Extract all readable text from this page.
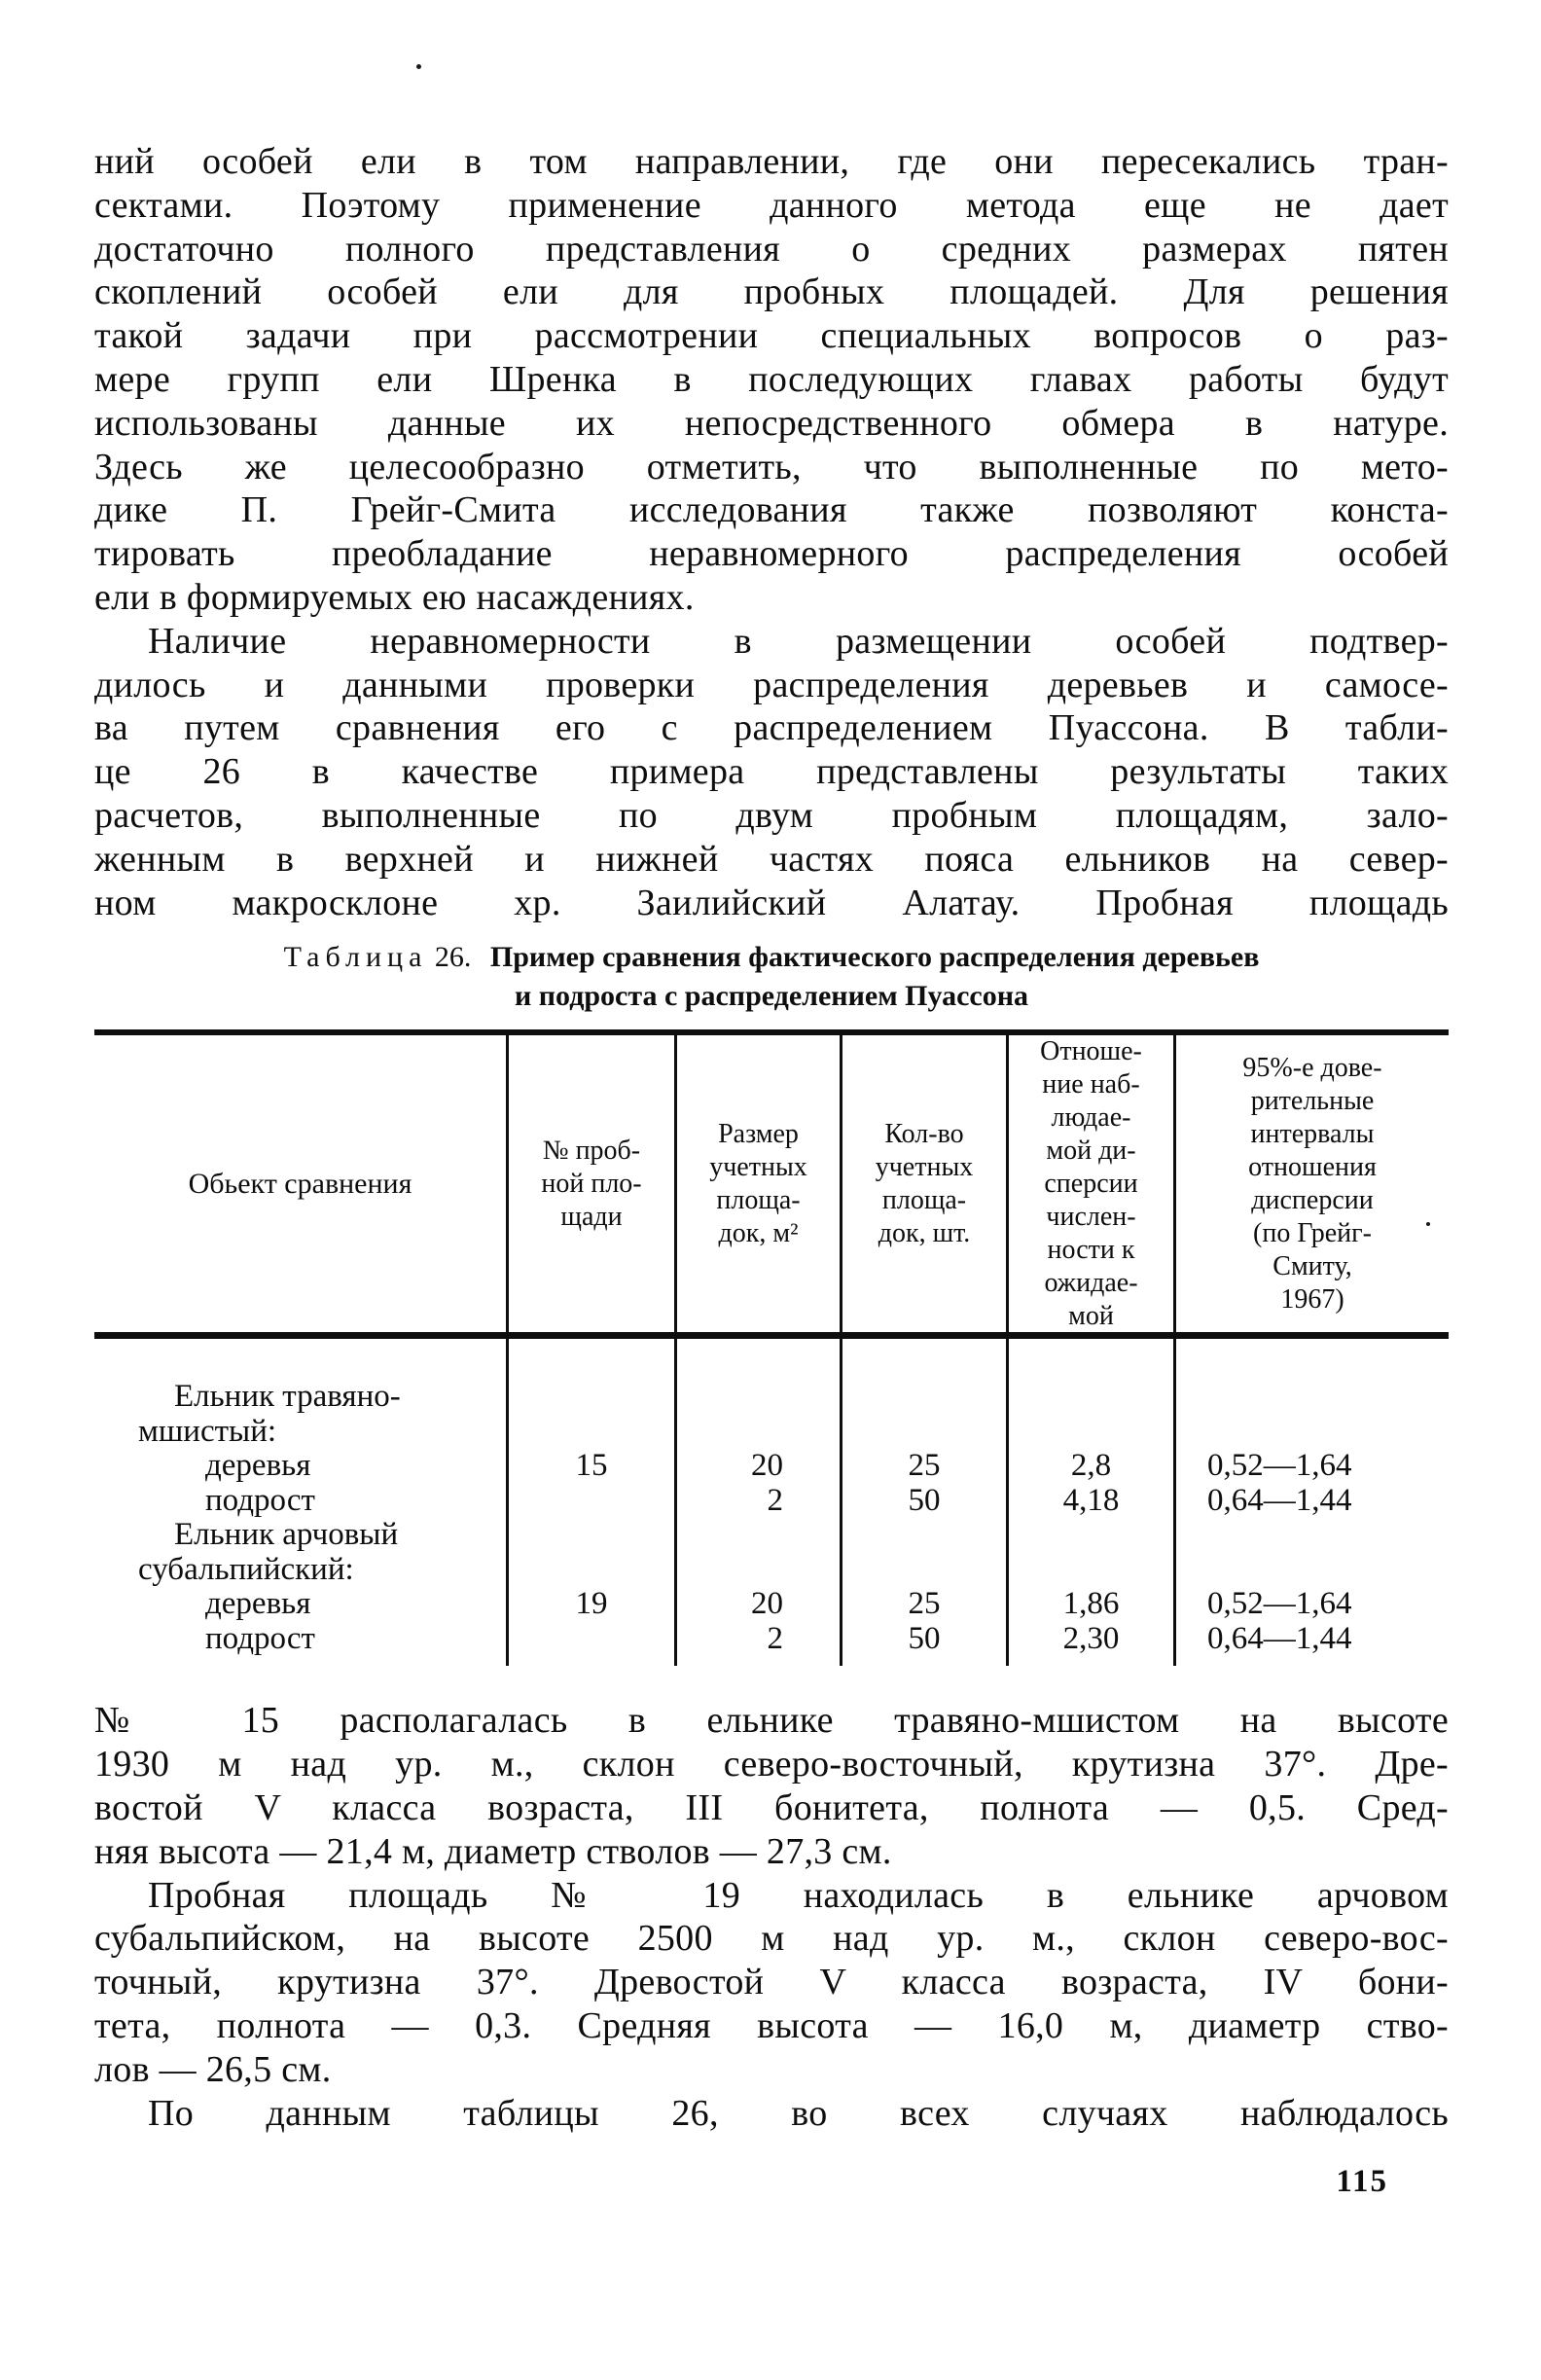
ний особей ели в том направлении, где они пересекались тран-
сектами. Поэтому применение данного метода еще не дает
достаточно полного представления о средних размерах пятен
скоплений особей ели для пробных площадей. Для решения
такой задачи при рассмотрении специальных вопросов о раз-
мере групп ели Шренка в последующих главах работы будут
использованы данные их непосредственного обмера в натуре.
Здесь же целесообразно отметить, что выполненные по мето-
дике П. Грейг-Смита исследования также позволяют конста-
тировать преобладание неравномерного распределения особей
ели в формируемых ею насаждениях.

Наличие неравномерности в размещении особей подтвер-
дилось и данными проверки распределения деревьев и самосе-
ва путем сравнения его с распределением Пуассона. В табли-
це 26 в качестве примера представлены результаты таких
расчетов, выполненные по двум пробным площадям, зало-
женным в верхней и нижней частях пояса ельников на север-
ном макросклоне хр. Заилийский Алатау. Пробная площадь

Таблица 26. Пример сравнения фактического распределения деревьев
и подроста с распределением Пуассона
Обьект сравнения
№ проб-
ной пло-
щади
Размер
учетных
площа-
док, м²
Кол-во
учетных
площа-
док, шт.
Отноше-
ние наб-
людае-
мой ди-
сперсии
числен-
ности к
ожидае-
мой
95%-е дове-
рительные
интервалы
отношения
дисперсии
(по Грейг-
Смиту,
1967)
Ельник травяно-
мшистый:
деревья
подрост
Ельник арчовый
субальпийский:
деревья
подрост
15
19
20
2
20
2
25
50
25
50
2,8
4,18
1,86
2,30
0,52—1,64
0,64—1,44
0,52—1,64
0,64—1,44

№ 15 располагалась в ельнике травяно-мшистом на высоте
1930 м над ур. м., склон северо-восточный, крутизна 37°. Дре-
востой V класса возраста, III бонитета, полнота — 0,5. Сред-
няя высота — 21,4 м, диаметр стволов — 27,3 см.

Пробная площадь № 19 находилась в ельнике арчовом
субальпийском, на высоте 2500 м над ур. м., склон северо-вос-
точный, крутизна 37°. Древостой V класса возраста, IV бони-
тета, полнота — 0,3. Средняя высота — 16,0 м, диаметр ство-
лов — 26,5 см.

По данным таблицы 26, во всех случаях наблюдалось

115
